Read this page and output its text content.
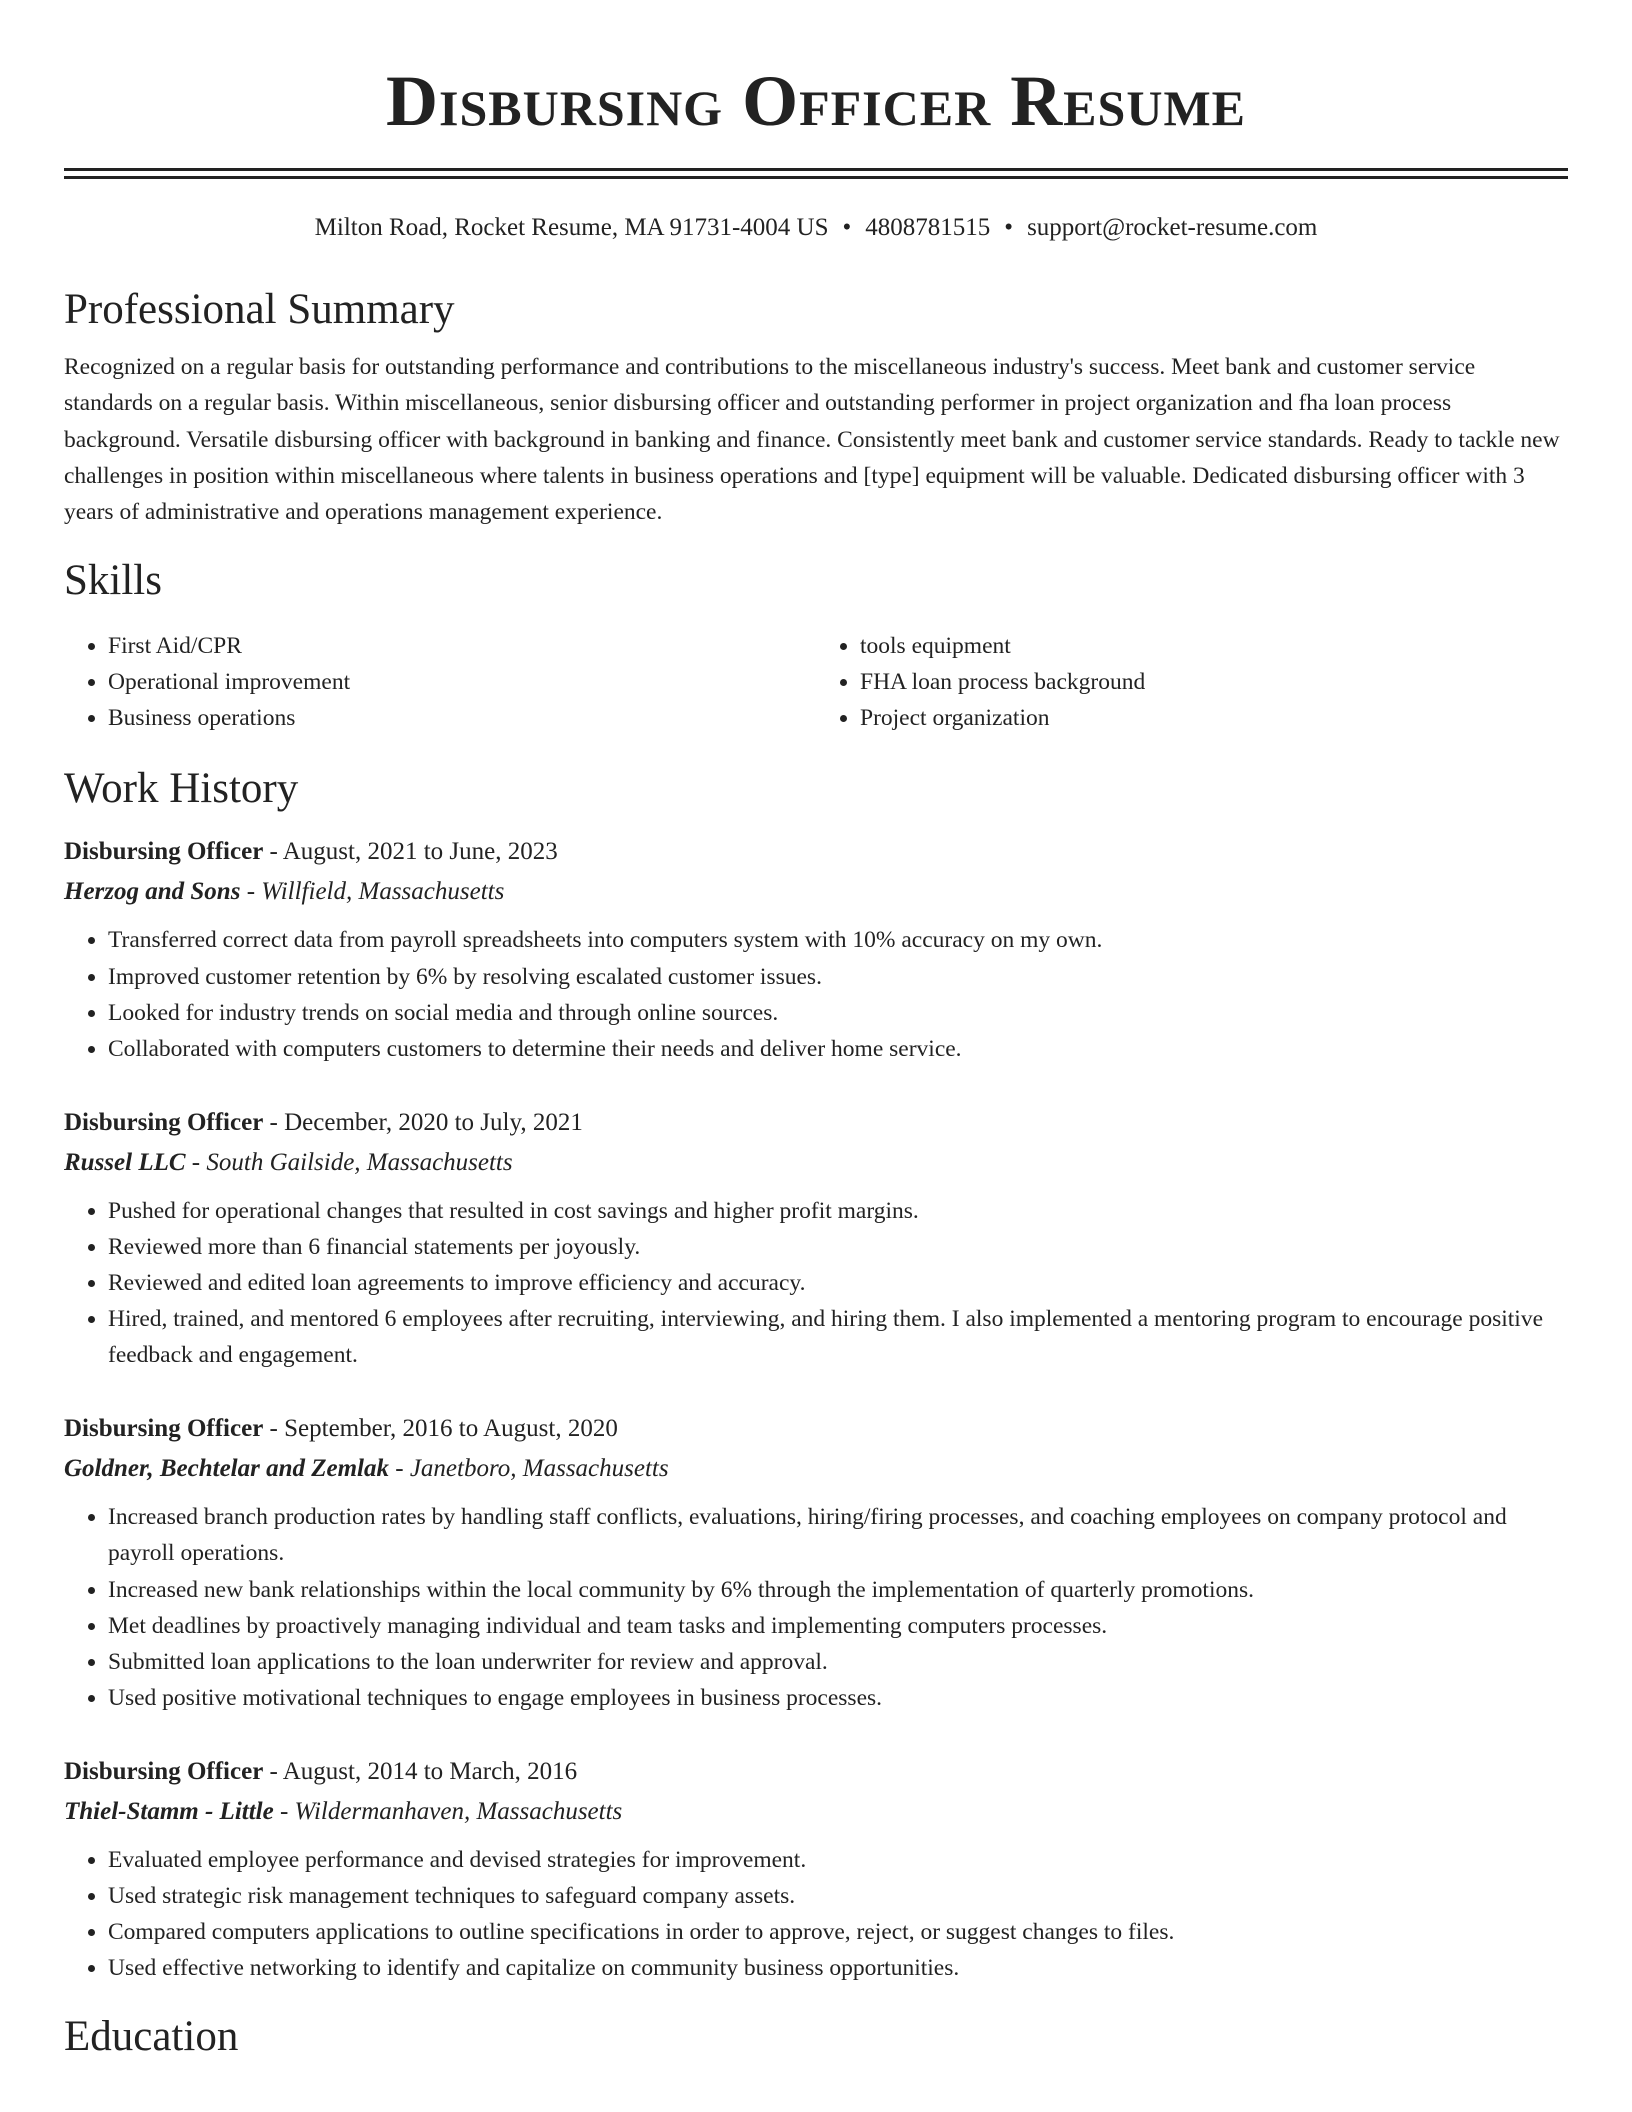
Disbursing Officer Resume
Milton Road, Rocket Resume, MA 91731-4004 US • 4808781515 • support@rocket-resume.com
Professional Summary

Recognized on a regular basis for outstanding performance and contributions to the miscellaneous industry's success. Meet bank and customer service standards on a regular basis. Within miscellaneous, senior disbursing officer and outstanding performer in project organization and fha loan process background. Versatile disbursing officer with background in banking and finance. Consistently meet bank and customer service standards. Ready to tackle new challenges in position within miscellaneous where talents in business operations and [type] equipment will be valuable. Dedicated disbursing officer with 3 years of administrative and operations management experience.

Skills
• First Aid/CPR
• Operational improvement
• Business operations
• tools equipment
• FHA loan process background
• Project organization
Work History
Disbursing Officer - August, 2021 to June, 2023
Herzog and Sons - Willfield, Massachusetts
• Transferred correct data from payroll spreadsheets into computers system with 10% accuracy on my own.
• Improved customer retention by 6% by resolving escalated customer issues.
• Looked for industry trends on social media and through online sources.
• Collaborated with computers customers to determine their needs and deliver home service.
Disbursing Officer - December, 2020 to July, 2021
Russel LLC - South Gailside, Massachusetts
• Pushed for operational changes that resulted in cost savings and higher profit margins.
• Reviewed more than 6 financial statements per joyously.
• Reviewed and edited loan agreements to improve efficiency and accuracy.
• Hired, trained, and mentored 6 employees after recruiting, interviewing, and hiring them. I also implemented a mentoring program to encourage positive feedback and engagement.
Disbursing Officer - September, 2016 to August, 2020
Goldner, Bechtelar and Zemlak - Janetboro, Massachusetts
• Increased branch production rates by handling staff conflicts, evaluations, hiring/firing processes, and coaching employees on company protocol and payroll operations.
• Increased new bank relationships within the local community by 6% through the implementation of quarterly promotions.
• Met deadlines by proactively managing individual and team tasks and implementing computers processes.
• Submitted loan applications to the loan underwriter for review and approval.
• Used positive motivational techniques to engage employees in business processes.
Disbursing Officer - August, 2014 to March, 2016
Thiel-Stamm - Little - Wildermanhaven, Massachusetts
• Evaluated employee performance and devised strategies for improvement.
• Used strategic risk management techniques to safeguard company assets.
• Compared computers applications to outline specifications in order to approve, reject, or suggest changes to files.
• Used effective networking to identify and capitalize on community business opportunities.
Education
